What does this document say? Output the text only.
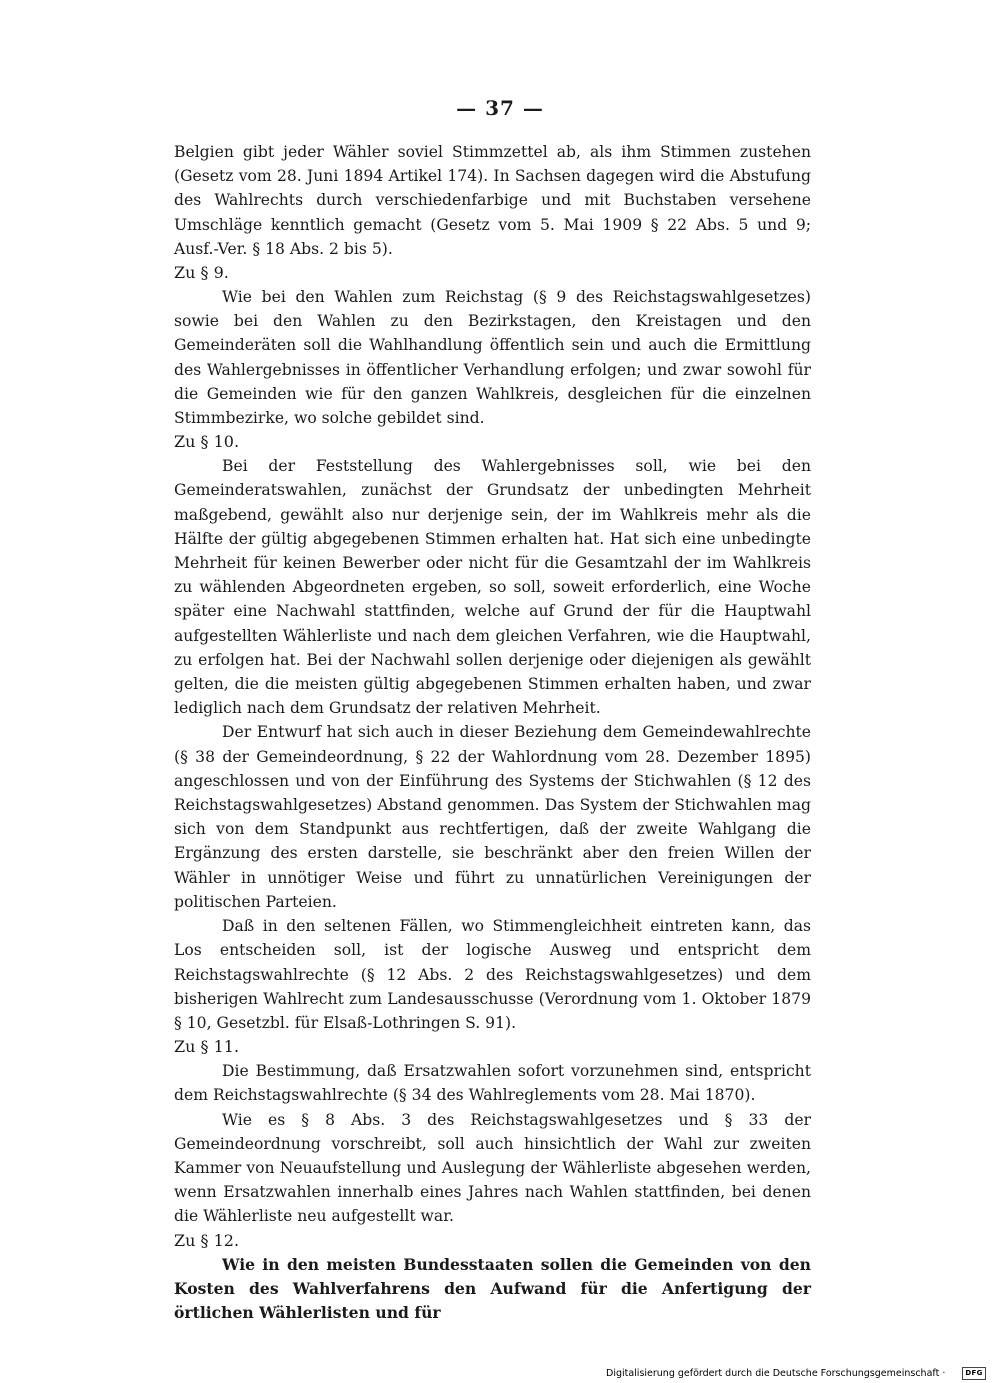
— 37 —

Belgien gibt jeder Wähler soviel Stimmzettel ab, als ihm Stimmen zustehen (Gesetz vom 28. Juni 1894 Artikel 174). In Sachsen dagegen wird die Abstufung des Wahlrechts durch verschiedenfarbige und mit Buchstaben versehene Umschläge kenntlich gemacht (Gesetz vom 5. Mai 1909 § 22 Abs. 5 und 9; Ausf.-Ver. § 18 Abs. 2 bis 5).

Zu § 9.

Wie bei den Wahlen zum Reichstag (§ 9 des Reichstagswahlgesetzes) sowie bei den Wahlen zu den Bezirkstagen, den Kreistagen und den Gemeinderäten soll die Wahlhandlung öffentlich sein und auch die Ermittlung des Wahlergebnisses in öffentlicher Verhandlung erfolgen; und zwar sowohl für die Gemeinden wie für den ganzen Wahlkreis, desgleichen für die einzelnen Stimmbezirke, wo solche gebildet sind.

Zu § 10.

Bei der Feststellung des Wahlergebnisses soll, wie bei den Gemeinderatswahlen, zunächst der Grundsatz der unbedingten Mehrheit maßgebend, gewählt also nur derjenige sein, der im Wahlkreis mehr als die Hälfte der gültig abgegebenen Stimmen erhalten hat. Hat sich eine unbedingte Mehrheit für keinen Bewerber oder nicht für die Gesamtzahl der im Wahlkreis zu wählenden Abgeordneten ergeben, so soll, soweit erforderlich, eine Woche später eine Nachwahl stattfinden, welche auf Grund der für die Hauptwahl aufgestellten Wählerliste und nach dem gleichen Verfahren, wie die Hauptwahl, zu erfolgen hat. Bei der Nachwahl sollen derjenige oder diejenigen als gewählt gelten, die die meisten gültig abgegebenen Stimmen erhalten haben, und zwar lediglich nach dem Grundsatz der relativen Mehrheit.

Der Entwurf hat sich auch in dieser Beziehung dem Gemeindewahlrechte (§ 38 der Gemeindeordnung, § 22 der Wahlordnung vom 28. Dezember 1895) angeschlossen und von der Einführung des Systems der Stichwahlen (§ 12 des Reichstagswahlgesetzes) Abstand genommen. Das System der Stichwahlen mag sich von dem Standpunkt aus rechtfertigen, daß der zweite Wahlgang die Ergänzung des ersten darstelle, sie beschränkt aber den freien Willen der Wähler in unnötiger Weise und führt zu unnatürlichen Vereinigungen der politischen Parteien.

Daß in den seltenen Fällen, wo Stimmengleichheit eintreten kann, das Los entscheiden soll, ist der logische Ausweg und entspricht dem Reichstagswahlrechte (§ 12 Abs. 2 des Reichstagswahlgesetzes) und dem bisherigen Wahlrecht zum Landesausschusse (Verordnung vom 1. Oktober 1879 § 10, Gesetzbl. für Elsaß-Lothringen S. 91).

Zu § 11.

Die Bestimmung, daß Ersatzwahlen sofort vorzunehmen sind, entspricht dem Reichstagswahlrechte (§ 34 des Wahlreglements vom 28. Mai 1870).

Wie es § 8 Abs. 3 des Reichstagswahlgesetzes und § 33 der Gemeindeordnung vorschreibt, soll auch hinsichtlich der Wahl zur zweiten Kammer von Neuaufstellung und Auslegung der Wählerliste abgesehen werden, wenn Ersatzwahlen innerhalb eines Jahres nach Wahlen stattfinden, bei denen die Wählerliste neu aufgestellt war.

Zu § 12.

Wie in den meisten Bundesstaaten sollen die Gemeinden von den Kosten des Wahlverfahrens den Aufwand für die Anfertigung der örtlichen Wählerlisten und für

Digitalisierung gefördert durch die Deutsche Forschungsgemeinschaft ·	DFG
